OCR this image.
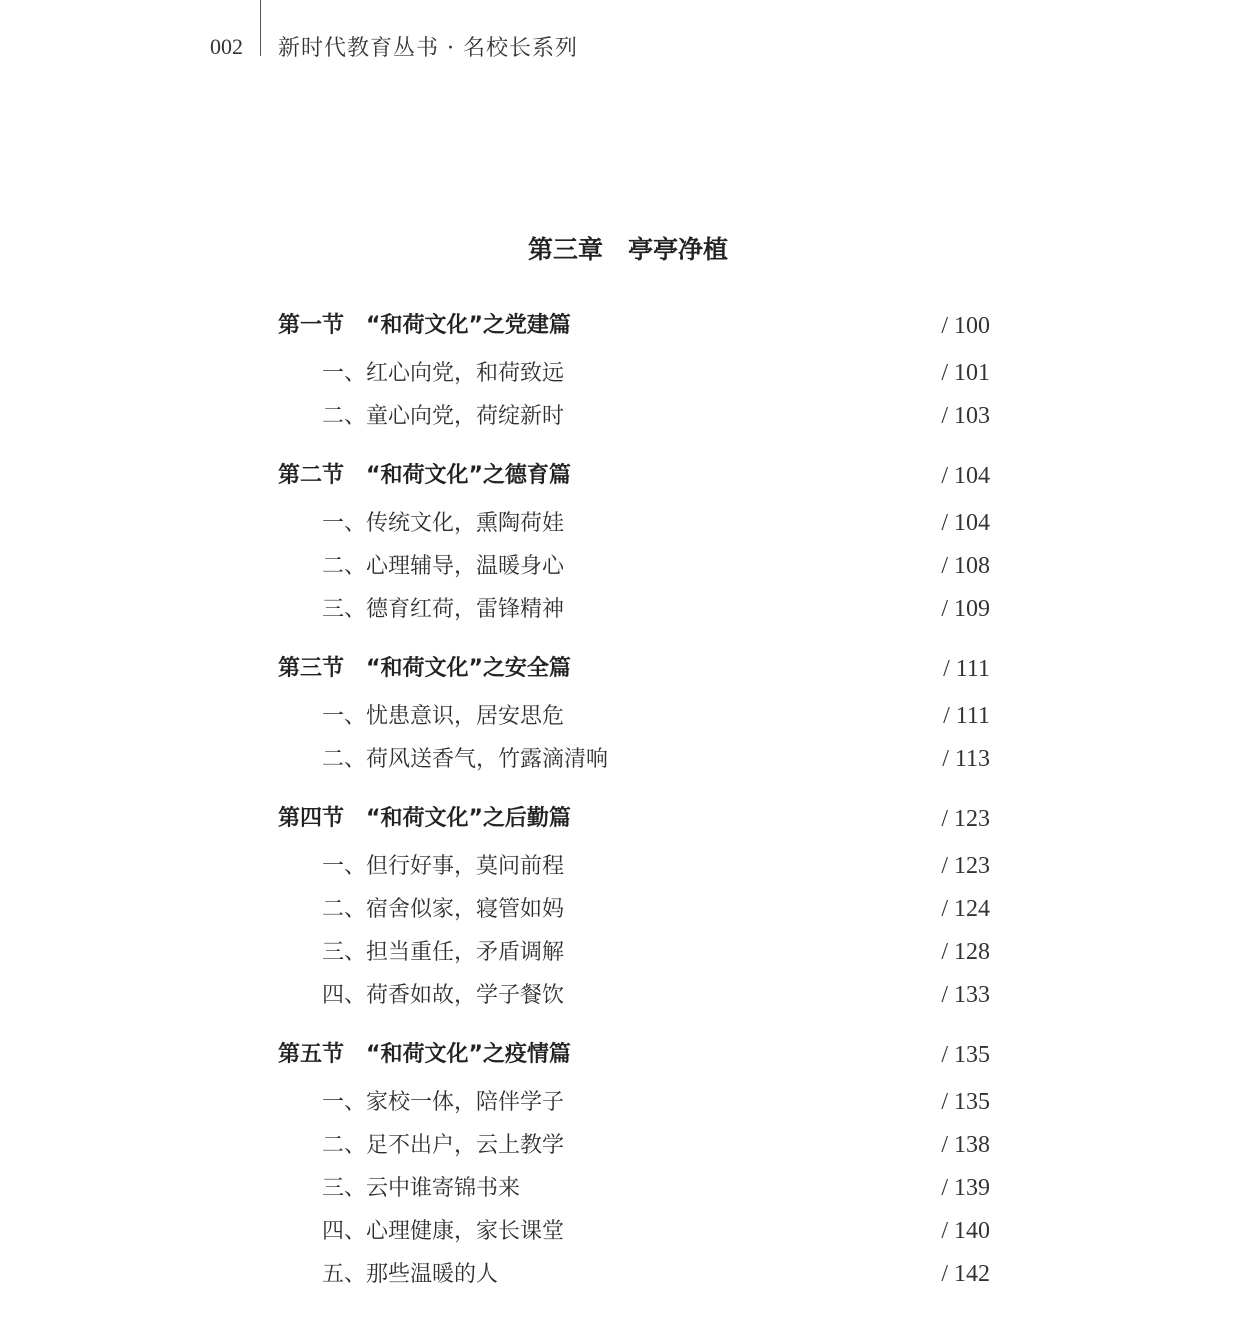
002 新时代教育丛书 · 名校长系列
第三章　亭亭净植
第一节　“和荷文化”之党建篇	/ 100
一、红心向党，和荷致远	/ 101
二、童心向党，荷绽新时	/ 103
第二节　“和荷文化”之德育篇	/ 104
一、传统文化，熏陶荷娃	/ 104
二、心理辅导，温暖身心	/ 108
三、德育红荷，雷锋精神	/ 109
第三节　“和荷文化”之安全篇	/ 111
一、忧患意识，居安思危	/ 111
二、荷风送香气，竹露滴清响	/ 113
第四节　“和荷文化”之后勤篇	/ 123
一、但行好事，莫问前程	/ 123
二、宿舍似家，寝管如妈	/ 124
三、担当重任，矛盾调解	/ 128
四、荷香如故，学子餐饮	/ 133
第五节　“和荷文化”之疫情篇	/ 135
一、家校一体，陪伴学子	/ 135
二、足不出户，云上教学	/ 138
三、云中谁寄锦书来	/ 139
四、心理健康，家长课堂	/ 140
五、那些温暖的人	/ 142
